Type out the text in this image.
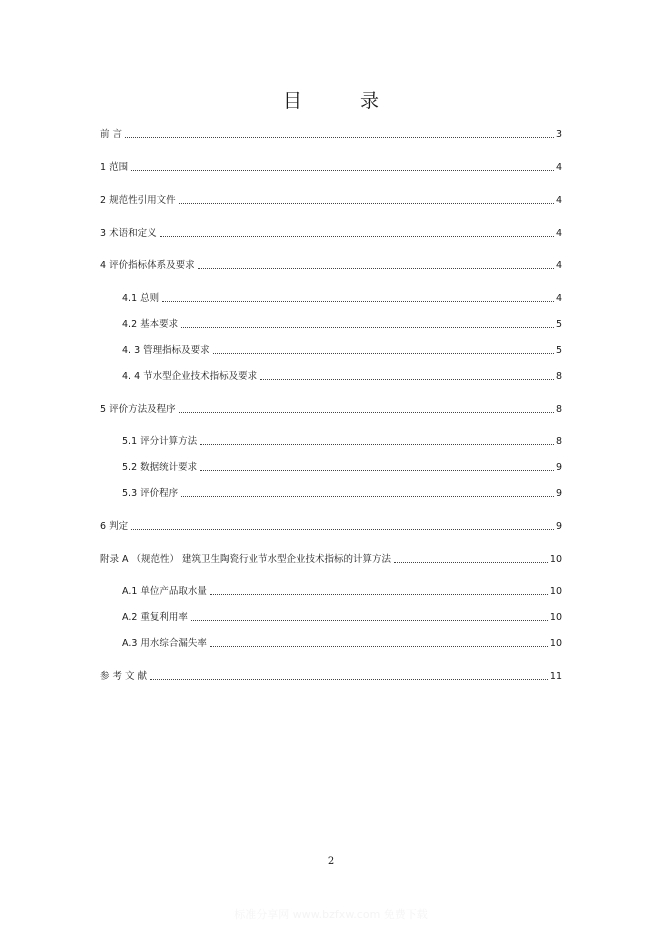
目 录
前 言	3
1 范围	4
2 规范性引用文件	4
3 术语和定义	4
4 评价指标体系及要求	4
4.1 总则	4
4.2 基本要求	5
4. 3 管理指标及要求	5
4. 4 节水型企业技术指标及要求	8
5 评价方法及程序	8
5.1 评分计算方法	8
5.2 数据统计要求	9
5.3 评价程序	9
6 判定	9
附录 A （规范性） 建筑卫生陶瓷行业节水型企业技术指标的计算方法	10
A.1 单位产品取水量	10
A.2 重复利用率	10
A.3 用水综合漏失率	10
参 考 文 献	11
2
标准分享网 www.bzfxw.com 免费下载
